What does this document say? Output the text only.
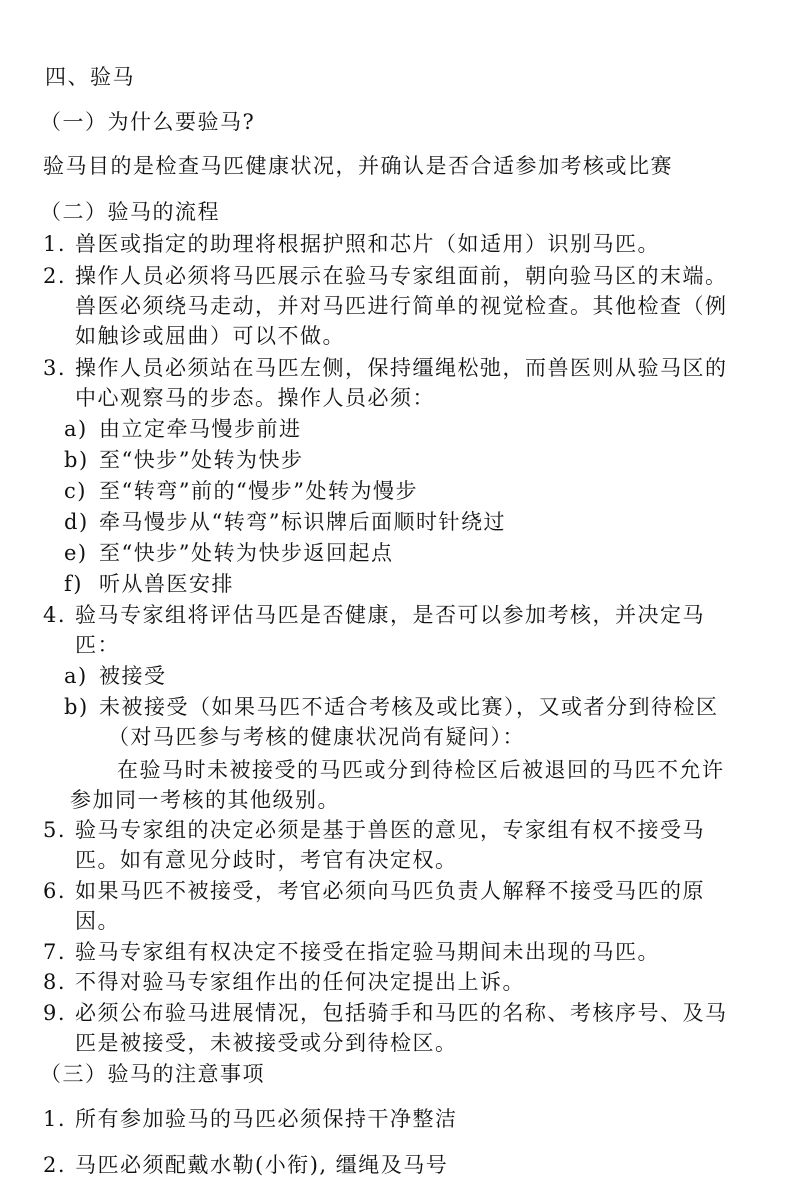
四、验马
（一）为什么要验马?
验马目的是检查马匹健康状况，并确认是否合适参加考核或比赛
（二）验马的流程
1. 兽医或指定的助理将根据护照和芯片（如适用）识别马匹。
2. 操作人员必须将马匹展示在验马专家组面前，朝向验马区的末端。
兽医必须绕马走动，并对马匹进行简单的视觉检查。其他检查（例
如触诊或屈曲）可以不做。
3. 操作人员必须站在马匹左侧，保持缰绳松弛，而兽医则从验马区的
中心观察马的步态。操作人员必须：
a) 由立定牵马慢步前进
b) 至“快步”处转为快步
c) 至“转弯”前的“慢步”处转为慢步
d) 牵马慢步从“转弯”标识牌后面顺时针绕过
e) 至“快步”处转为快步返回起点
f) 听从兽医安排
4. 验马专家组将评估马匹是否健康，是否可以参加考核，并决定马
匹：
a) 被接受
b) 未被接受（如果马匹不适合考核及或比赛），又或者分到待检区
（对马匹参与考核的健康状况尚有疑问）：
在验马时未被接受的马匹或分到待检区后被退回的马匹不允许
参加同一考核的其他级别。
5. 验马专家组的决定必须是基于兽医的意见，专家组有权不接受马
匹。如有意见分歧时，考官有决定权。
6. 如果马匹不被接受，考官必须向马匹负责人解释不接受马匹的原
因。
7. 验马专家组有权决定不接受在指定验马期间未出现的马匹。
8. 不得对验马专家组作出的任何决定提出上诉。
9. 必须公布验马进展情况，包括骑手和马匹的名称、考核序号、及马
匹是被接受，未被接受或分到待检区。
（三）验马的注意事项
1. 所有参加验马的马匹必须保持干净整洁
2. 马匹必须配戴水勒(小衔), 缰绳及马号
